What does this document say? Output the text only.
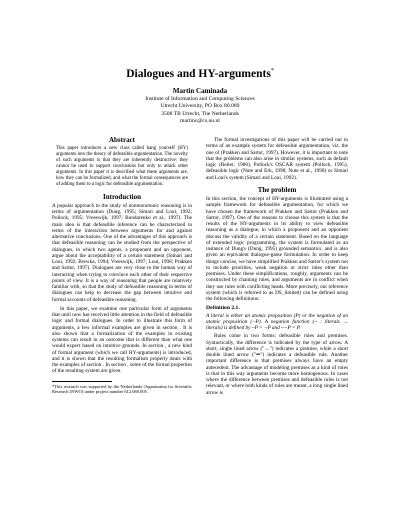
Dialogues and HY-arguments*
Martin Caminada
Institute of Information and Computing Sciences
Utrecht University, PO Box 80.089
3508 TB Utrecht, The Netherlands
martinc@cs.uu.nl
Abstract

This paper introduces a new class called hang yourself (HY) arguments into the theory of defeasible argumentation. The novelty of such arguments is that they are inherently destructive: they cannot be used to support conclusions but only to attack other arguments. In this paper it is described what these arguments are, how they can be formalized, and what the formal consequences are of adding them to a logic for defeasible argumentation.

Introduction

A popular approach to the study of nonmonotonic reasoning is in terms of argumentation (Dung, 1995; Simari and Loui, 1992; Pollock, 1995; Vreeswijk, 1997; Bondarenko et al., 1997). The main idea is that defeasible inference can be characterized in terms of the interaction between arguments for and against alternative conclusions. One of the advantages of this approach is that defeasible reasoning can be studied from the perspective of dialogues, in which two agents, a proponent and an opponent, argue about the acceptability of a certain statement (Simari and Loui, 1992; Brewka, 1994; Vreeswijk, 1997; Loui, 1998; Prakken and Sartor, 1997). Dialogues are very close to the human way of interacting when trying to convince each other of their respective points of view. It is a way of reasoning that people are relatively familiar with, so that the study of defeasible reasoning in terms of dialogues can help to decrease the gap between intuitive and formal accounts of defeasible reasoning.

In this paper, we examine one particular form of arguments that until now has received little attention in the field of defeasible logic and formal dialogues. In order to illustrate this form of arguments, a few informal examples are given in section . It is also shown that a formalization of the examples in existing systems can result in an outcome that is different than what one would expect based on intuitive grounds. In section , a new kind of formal argument (which we call HY-arguments) is introduced, and it is shown that the resulting formalism properly deals with the examples of section . In section , some of the formal properties of the resulting system are given.

*This research was supported by the Netherlands Organisation for Scientific Research (NWO) under project number 612.060.005.

The formal investigations of this paper will be carried out in terms of an example system for defeasible argumentation, viz. the one of (Prakken and Sartor, 1997). However, it is important to note that the problems can also arise in similar systems, such as default logic (Reiter, 1980), Pollock's OSCAR system (Pollock, 1995), defeasible logic (Nute and Erk, 1998; Nute et al., 1998) or Simari and Loui's system (Simari and Loui, 1992).

The problem

In this section, the concept of HY-arguments is illustrated using a sample framework for defeasible argumentation, for which we have chosen the framework of Prakken and Sartor (Prakken and Sartor, 1997). One of the reasons to choose this system is that the results of the HY-arguments in its ability to view defeasible reasoning as a dialogue, in which a proponent and an opponent discuss the validity of a certain statement. Based on the language of extended logic programming, the system is formulated as an instance of Dung's (Dung, 1995) grounded semantics, and is also given an equivalent dialogue-game formulation. In order to keep things concise, we have simplified Prakken and Sartor's system not to include priorities, weak negation or strict rules other than premises. Under these simplifications, roughly, arguments can be constructed by chaining rules, and arguments are in conflict when they use rules with conflicting heads. More precisely, our reference system (which is referred to as DS_limited) can be defined using the following definitions:

Definition 2.1.

A literal is either an atomic proposition (P) or the negation of an atomic proposition (¬P). A negation function (~ : literals → literals) is defined by ~P = ¬P and ~¬P = P.

Rules come in two forms: defeasible rules and premises. Syntactically, the difference is indicated by the type of arrow. A short, single lined arrow ("→") indicates a premise, while a short double lined arrow ("⇒") indicates a defeasible rule. Another important difference is that premises always have an empty antecedent. The advantage of modeling premises as a kind of rules is that in this way arguments become more homogenous. In cases where the difference between premises and defeasible rules is not relevant, or where both kinds of rules are meant, a long single lined arrow is
